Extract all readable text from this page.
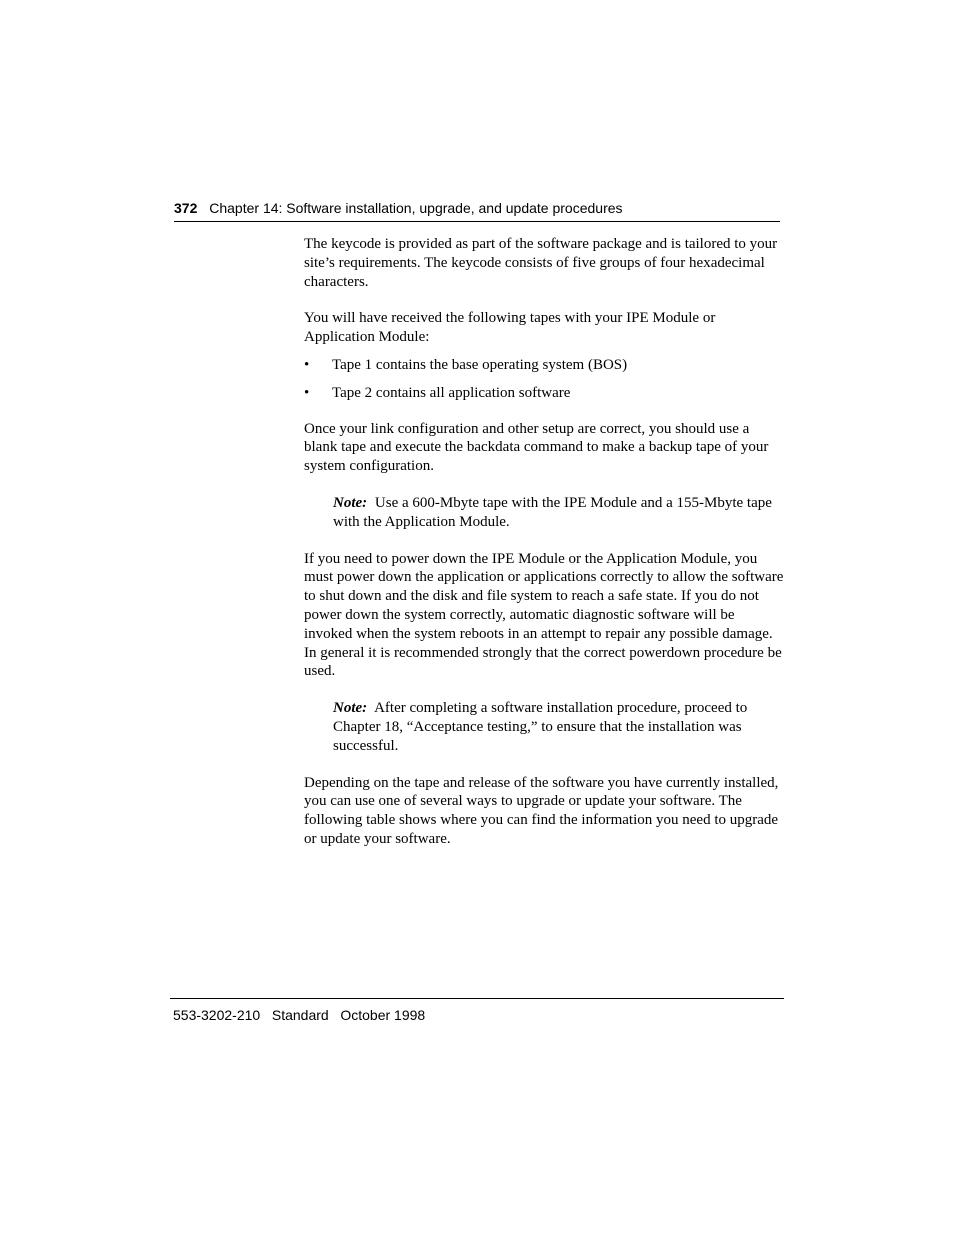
372 Chapter 14: Software installation, upgrade, and update procedures

The keycode is provided as part of the software package and is tailored to your site’s requirements. The keycode consists of five groups of four hexadecimal characters.

You will have received the following tapes with your IPE Module or Application Module:

• Tape 1 contains the base operating system (BOS)
• Tape 2 contains all application software

Once your link configuration and other setup are correct, you should use a blank tape and execute the backdata command to make a backup tape of your system configuration.

Note: Use a 600-Mbyte tape with the IPE Module and a 155-Mbyte tape with the Application Module.

If you need to power down the IPE Module or the Application Module, you must power down the application or applications correctly to allow the software to shut down and the disk and file system to reach a safe state. If you do not power down the system correctly, automatic diagnostic software will be invoked when the system reboots in an attempt to repair any possible damage. In general it is recommended strongly that the correct powerdown procedure be used.

Note: After completing a software installation procedure, proceed to Chapter 18, “Acceptance testing,” to ensure that the installation was successful.

Depending on the tape and release of the software you have currently installed, you can use one of several ways to upgrade or update your software. The following table shows where you can find the information you need to upgrade or update your software.

553-3202-210   Standard   October 1998
